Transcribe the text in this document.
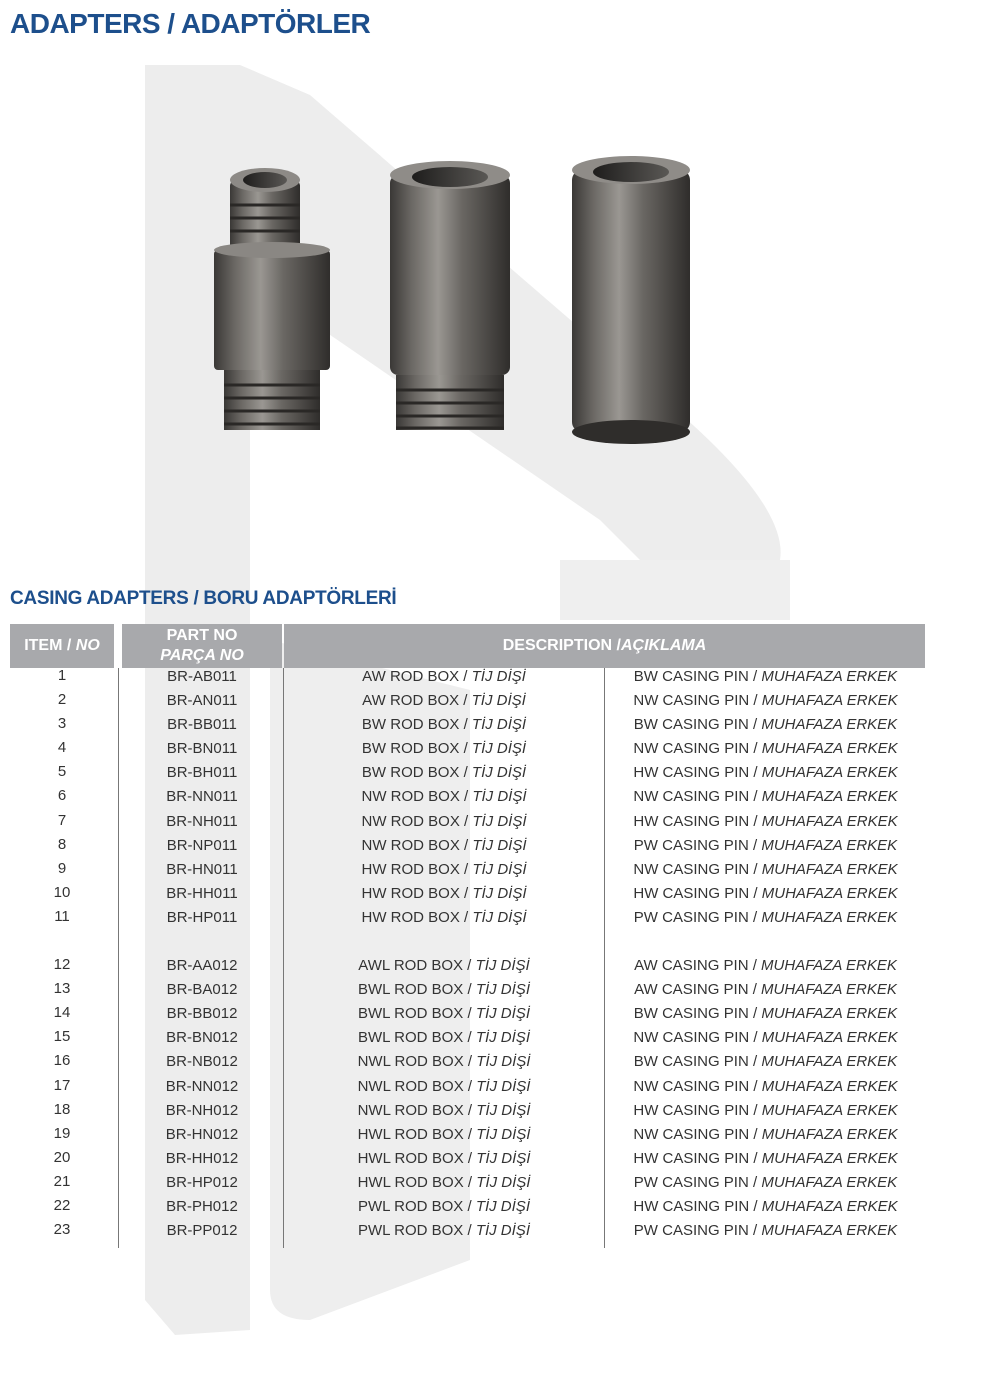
ADAPTERS / ADAPTÖRLER
CASING ADAPTERS / BORU ADAPTÖRLERİ
ITEM / NO
PART NO
PARÇA NO
DESCRIPTION /AÇIKLAMA
1	BR-AB011	AW ROD BOX / TİJ DİŞİ	BW CASING PIN / MUHAFAZA ERKEK
2	BR-AN011	AW ROD BOX / TİJ DİŞİ	NW CASING PIN / MUHAFAZA ERKEK
3	BR-BB011	BW ROD BOX / TİJ DİŞİ	BW CASING PIN / MUHAFAZA ERKEK
4	BR-BN011	BW ROD BOX / TİJ DİŞİ	NW CASING PIN / MUHAFAZA ERKEK
5	BR-BH011	BW ROD BOX / TİJ DİŞİ	HW CASING PIN / MUHAFAZA ERKEK
6	BR-NN011	NW ROD BOX / TİJ DİŞİ	NW CASING PIN / MUHAFAZA ERKEK
7	BR-NH011	NW ROD BOX / TİJ DİŞİ	HW CASING PIN / MUHAFAZA ERKEK
8	BR-NP011	NW ROD BOX / TİJ DİŞİ	PW CASING PIN / MUHAFAZA ERKEK
9	BR-HN011	HW ROD BOX / TİJ DİŞİ	NW CASING PIN / MUHAFAZA ERKEK
10	BR-HH011	HW ROD BOX / TİJ DİŞİ	HW CASING PIN / MUHAFAZA ERKEK
11	BR-HP011	HW ROD BOX / TİJ DİŞİ	PW CASING PIN / MUHAFAZA ERKEK
12	BR-AA012	AWL ROD BOX / TİJ DİŞİ	AW CASING PIN / MUHAFAZA ERKEK
13	BR-BA012	BWL ROD BOX / TİJ DİŞİ	AW CASING PIN / MUHAFAZA ERKEK
14	BR-BB012	BWL ROD BOX / TİJ DİŞİ	BW CASING PIN / MUHAFAZA ERKEK
15	BR-BN012	BWL ROD BOX / TİJ DİŞİ	NW CASING PIN / MUHAFAZA ERKEK
16	BR-NB012	NWL ROD BOX / TİJ DİŞİ	BW CASING PIN / MUHAFAZA ERKEK
17	BR-NN012	NWL ROD BOX / TİJ DİŞİ	NW CASING PIN / MUHAFAZA ERKEK
18	BR-NH012	NWL ROD BOX / TİJ DİŞİ	HW CASING PIN / MUHAFAZA ERKEK
19	BR-HN012	HWL ROD BOX / TİJ DİŞİ	NW CASING PIN / MUHAFAZA ERKEK
20	BR-HH012	HWL ROD BOX / TİJ DİŞİ	HW CASING PIN / MUHAFAZA ERKEK
21	BR-HP012	HWL ROD BOX / TİJ DİŞİ	PW CASING PIN / MUHAFAZA ERKEK
22	BR-PH012	PWL ROD BOX / TİJ DİŞİ	HW CASING PIN / MUHAFAZA ERKEK
23	BR-PP012	PWL ROD BOX / TİJ DİŞİ	PW CASING PIN / MUHAFAZA ERKEK
